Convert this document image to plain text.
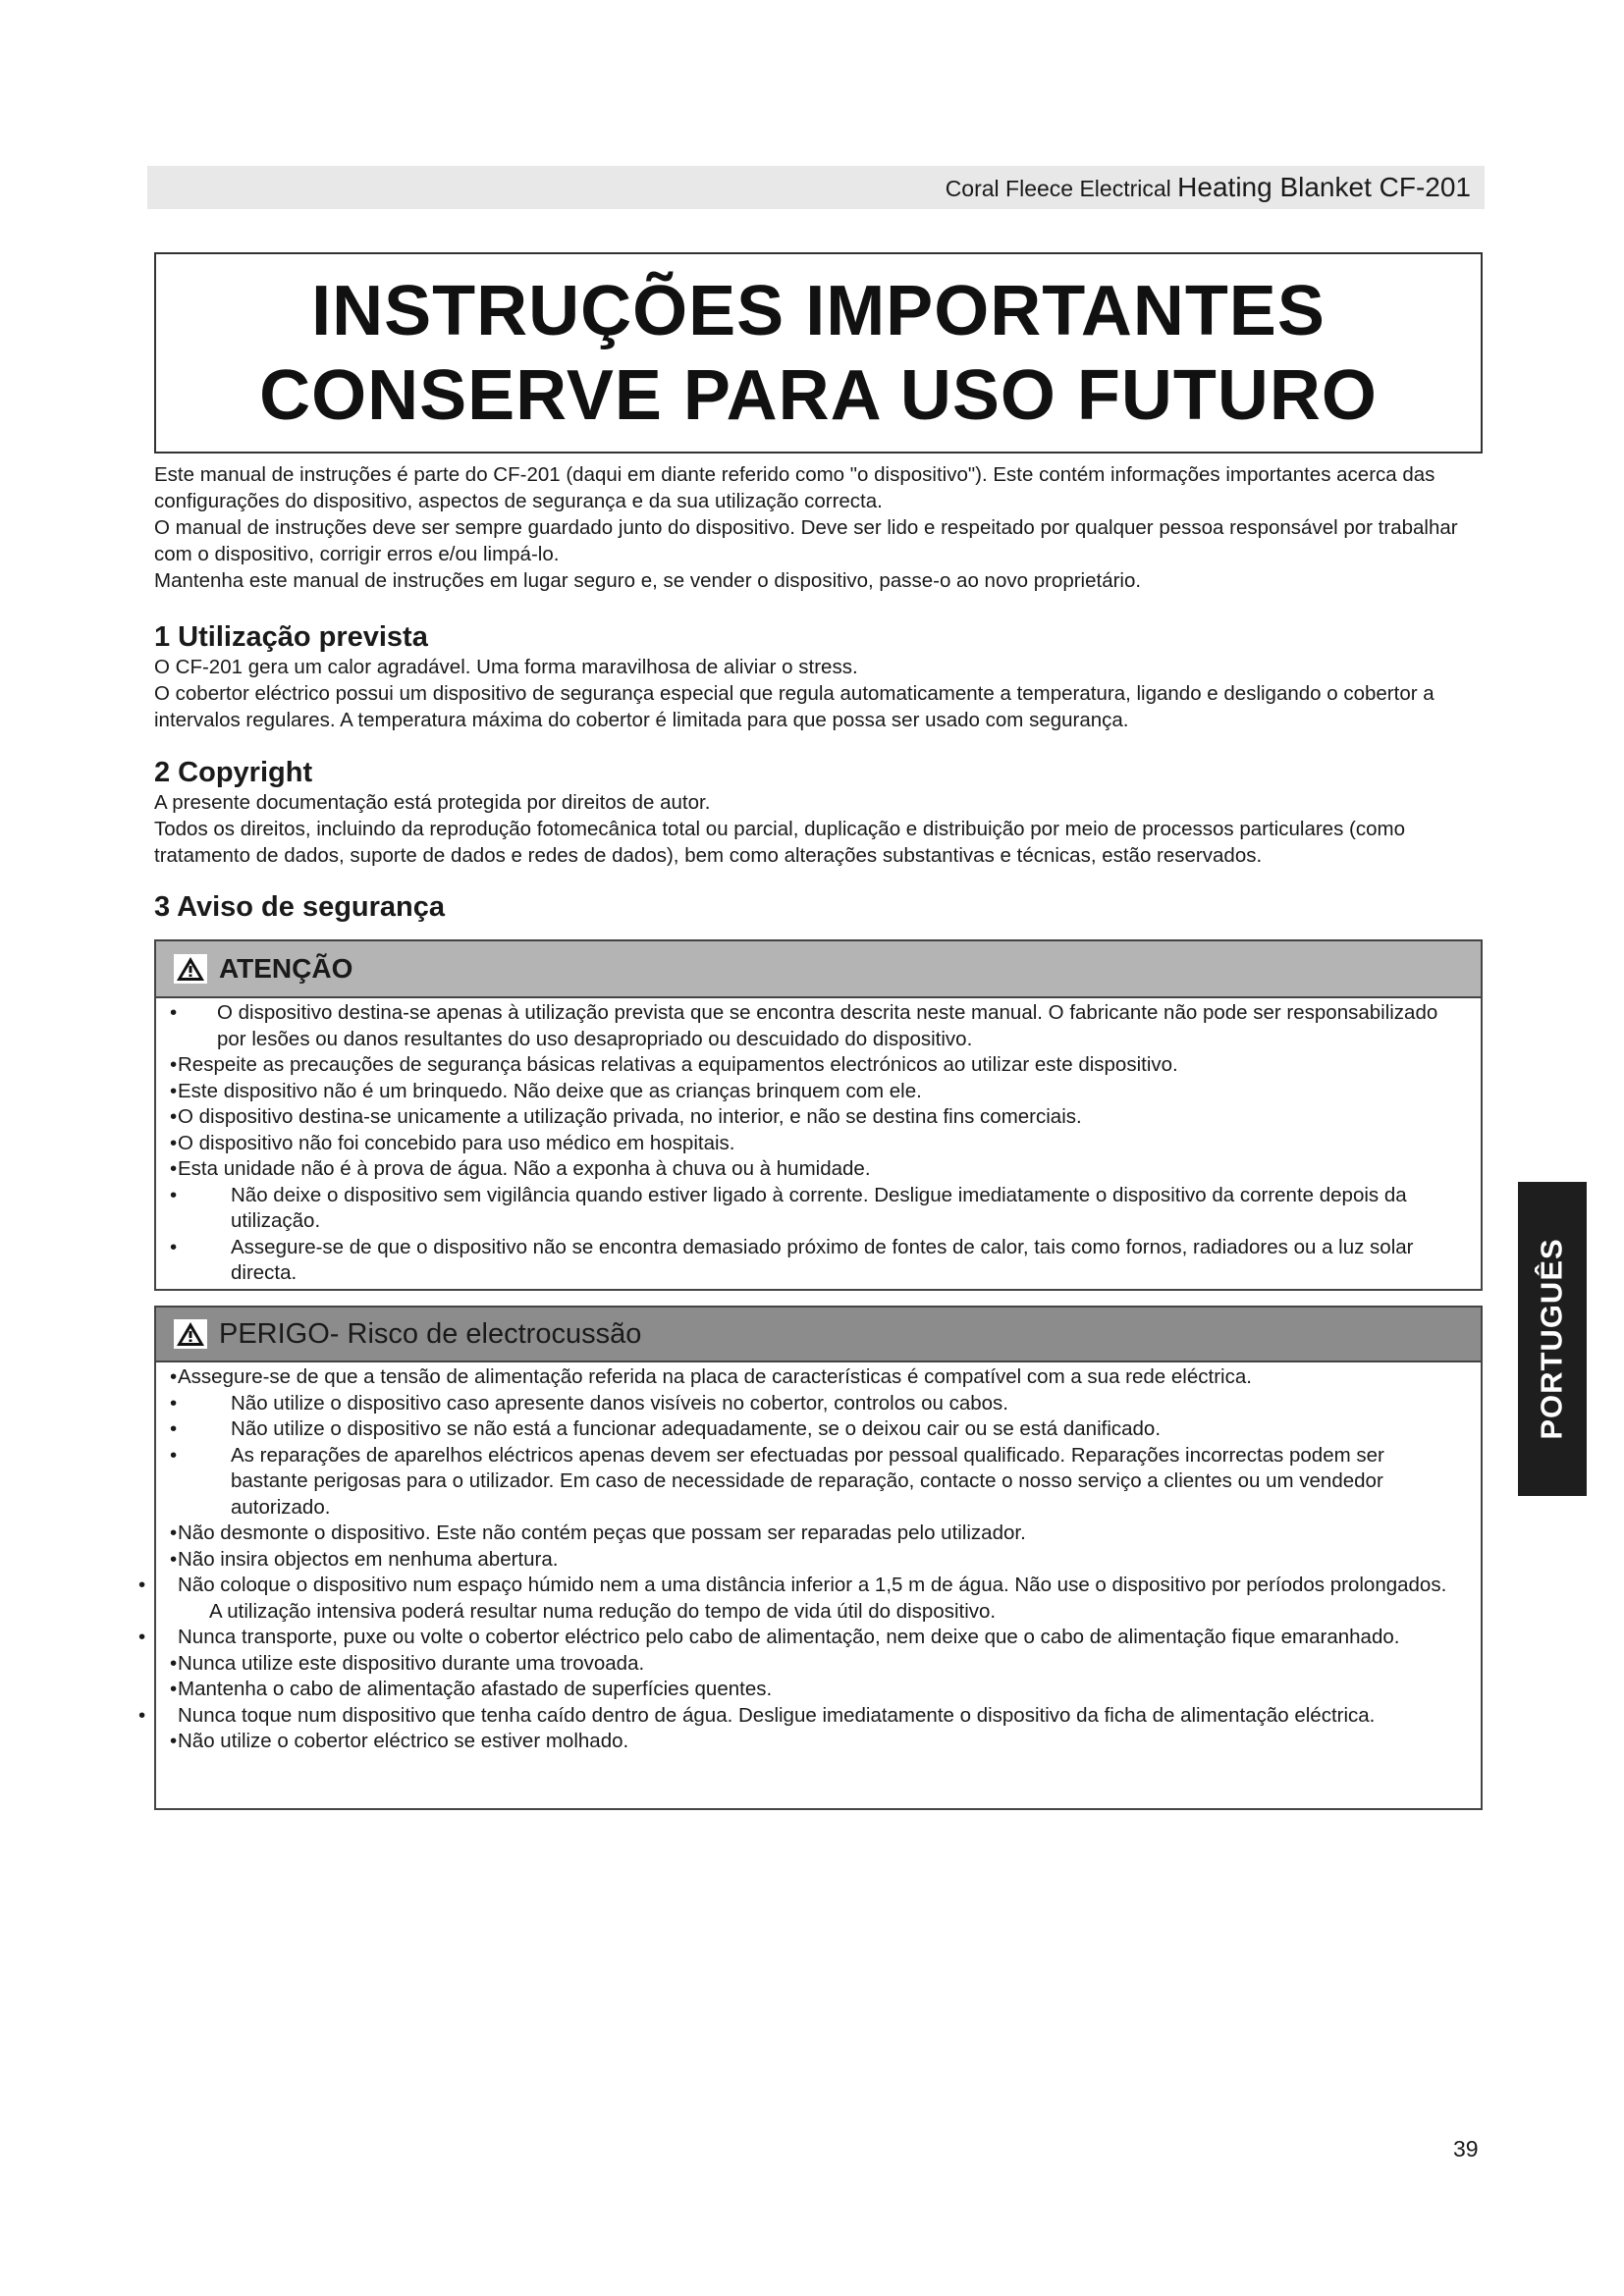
Coral Fleece Electrical Heating Blanket CF-201
INSTRUÇÕES IMPORTANTES
CONSERVE PARA USO FUTURO

Este manual de instruções é parte do CF-201 (daqui em diante referido como "o dispositivo"). Este contém informações importantes acerca das configurações do dispositivo, aspectos de segurança e da sua utilização correcta.

O manual de instruções deve ser sempre guardado junto do dispositivo. Deve ser lido e respeitado por qualquer pessoa responsável por trabalhar com o dispositivo, corrigir erros e/ou limpá-lo.

Mantenha este manual de instruções em lugar seguro e, se vender o dispositivo, passe-o ao novo proprietário.

1 Utilização prevista

O CF-201 gera um calor agradável. Uma forma maravilhosa de aliviar o stress.

O cobertor eléctrico possui um dispositivo de segurança especial que regula automaticamente a temperatura, ligando e desligando o cobertor a intervalos regulares. A temperatura máxima do cobertor é limitada para que possa ser usado com segurança.

2 Copyright

A presente documentação está protegida por direitos de autor.

Todos os direitos, incluindo da reprodução fotomecânica total ou parcial, duplicação e distribuição por meio de processos particulares (como tratamento de dados, suporte de dados e redes de dados), bem como alterações substantivas e técnicas, estão reservados.

3 Aviso de segurança
ATENÇÃO
• O dispositivo destina-se apenas à utilização prevista que se encontra descrita neste manual. O fabricante não pode ser responsabilizado por lesões ou danos resultantes do uso desapropriado ou descuidado do dispositivo.
• Respeite as precauções de segurança básicas relativas a equipamentos electrónicos ao utilizar este dispositivo.
• Este dispositivo não é um brinquedo. Não deixe que as crianças brinquem com ele.
• O dispositivo destina-se unicamente a utilização privada, no interior, e não se destina fins comerciais.
• O dispositivo não foi concebido para uso médico em hospitais.
• Esta unidade não é à prova de água. Não a exponha à chuva ou à humidade.
• Não deixe o dispositivo sem vigilância quando estiver ligado à corrente. Desligue imediatamente o dispositivo da corrente depois da utilização.
• Assegure-se de que o dispositivo não se encontra demasiado próximo de fontes de calor, tais como fornos, radiadores ou a luz solar directa.
PERIGO- Risco de electrocussão
• Assegure-se de que a tensão de alimentação referida na placa de características é compatível com a sua rede eléctrica.
• Não utilize o dispositivo caso apresente danos visíveis no cobertor, controlos ou cabos.
• Não utilize o dispositivo se não está a funcionar adequadamente, se o deixou cair ou se está danificado.
• As reparações de aparelhos eléctricos apenas devem ser efectuadas por pessoal qualificado. Reparações incorrectas podem ser bastante perigosas para o utilizador. Em caso de necessidade de reparação, contacte o nosso serviço a clientes ou um vendedor autorizado.
• Não desmonte o dispositivo. Este não contém peças que possam ser reparadas pelo utilizador.
• Não insira objectos em nenhuma abertura.
• Não coloque o dispositivo num espaço húmido nem a uma distância inferior a 1,5 m de água. Não use o dispositivo por períodos prolongados. A utilização intensiva poderá resultar numa redução do tempo de vida útil do dispositivo.
• Nunca transporte, puxe ou volte o cobertor eléctrico pelo cabo de alimentação, nem deixe que o cabo de alimentação fique emaranhado.
• Nunca utilize este dispositivo durante uma trovoada.
• Mantenha o cabo de alimentação afastado de superfícies quentes.
• Nunca toque num dispositivo que tenha caído dentro de água. Desligue imediatamente o dispositivo da ficha de alimentação eléctrica.
• Não utilize o cobertor eléctrico se estiver molhado.
PORTUGUÊS
39
